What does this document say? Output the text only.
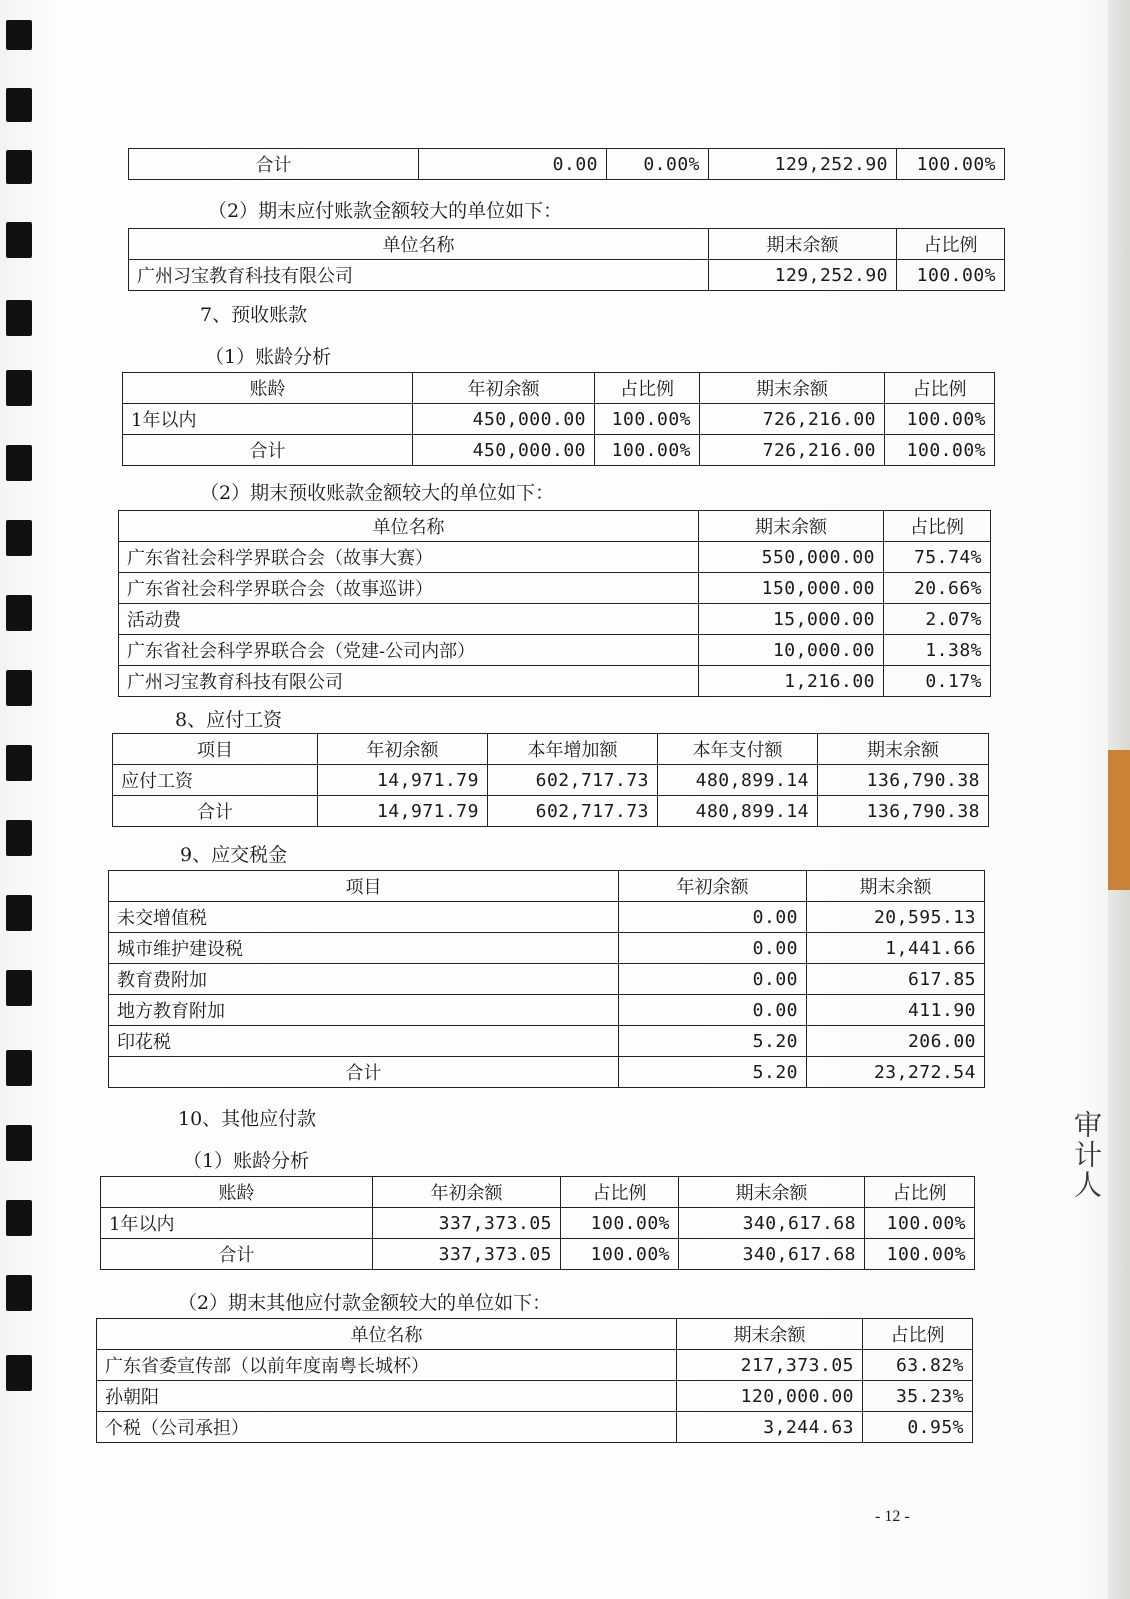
审计人
合计	0.00	0.00%	129,252.90	100.00%
（2）期末应付账款金额较大的单位如下：
单位名称	期末余额	占比例
广州习宝教育科技有限公司	129,252.90	100.00%
7、预收账款
（1）账龄分析
账龄	年初余额	占比例	期末余额	占比例
1年以内	450,000.00	100.00%	726,216.00	100.00%
合计	450,000.00	100.00%	726,216.00	100.00%
（2）期末预收账款金额较大的单位如下：
单位名称	期末余额	占比例
广东省社会科学界联合会（故事大赛）	550,000.00	75.74%
广东省社会科学界联合会（故事巡讲）	150,000.00	20.66%
活动费	15,000.00	2.07%
广东省社会科学界联合会（党建-公司内部）	10,000.00	1.38%
广州习宝教育科技有限公司	1,216.00	0.17%
8、应付工资
项目	年初余额	本年增加额	本年支付额	期末余额
应付工资	14,971.79	602,717.73	480,899.14	136,790.38
合计	14,971.79	602,717.73	480,899.14	136,790.38
9、应交税金
项目	年初余额	期末余额
未交增值税	0.00	20,595.13
城市维护建设税	0.00	1,441.66
教育费附加	0.00	617.85
地方教育附加	0.00	411.90
印花税	5.20	206.00
合计	5.20	23,272.54
10、其他应付款
（1）账龄分析
账龄	年初余额	占比例	期末余额	占比例
1年以内	337,373.05	100.00%	340,617.68	100.00%
合计	337,373.05	100.00%	340,617.68	100.00%
（2）期末其他应付款金额较大的单位如下：
单位名称	期末余额	占比例
广东省委宣传部（以前年度南粤长城杯）	217,373.05	63.82%
孙朝阳	120,000.00	35.23%
个税（公司承担）	3,244.63	0.95%
- 12 -
